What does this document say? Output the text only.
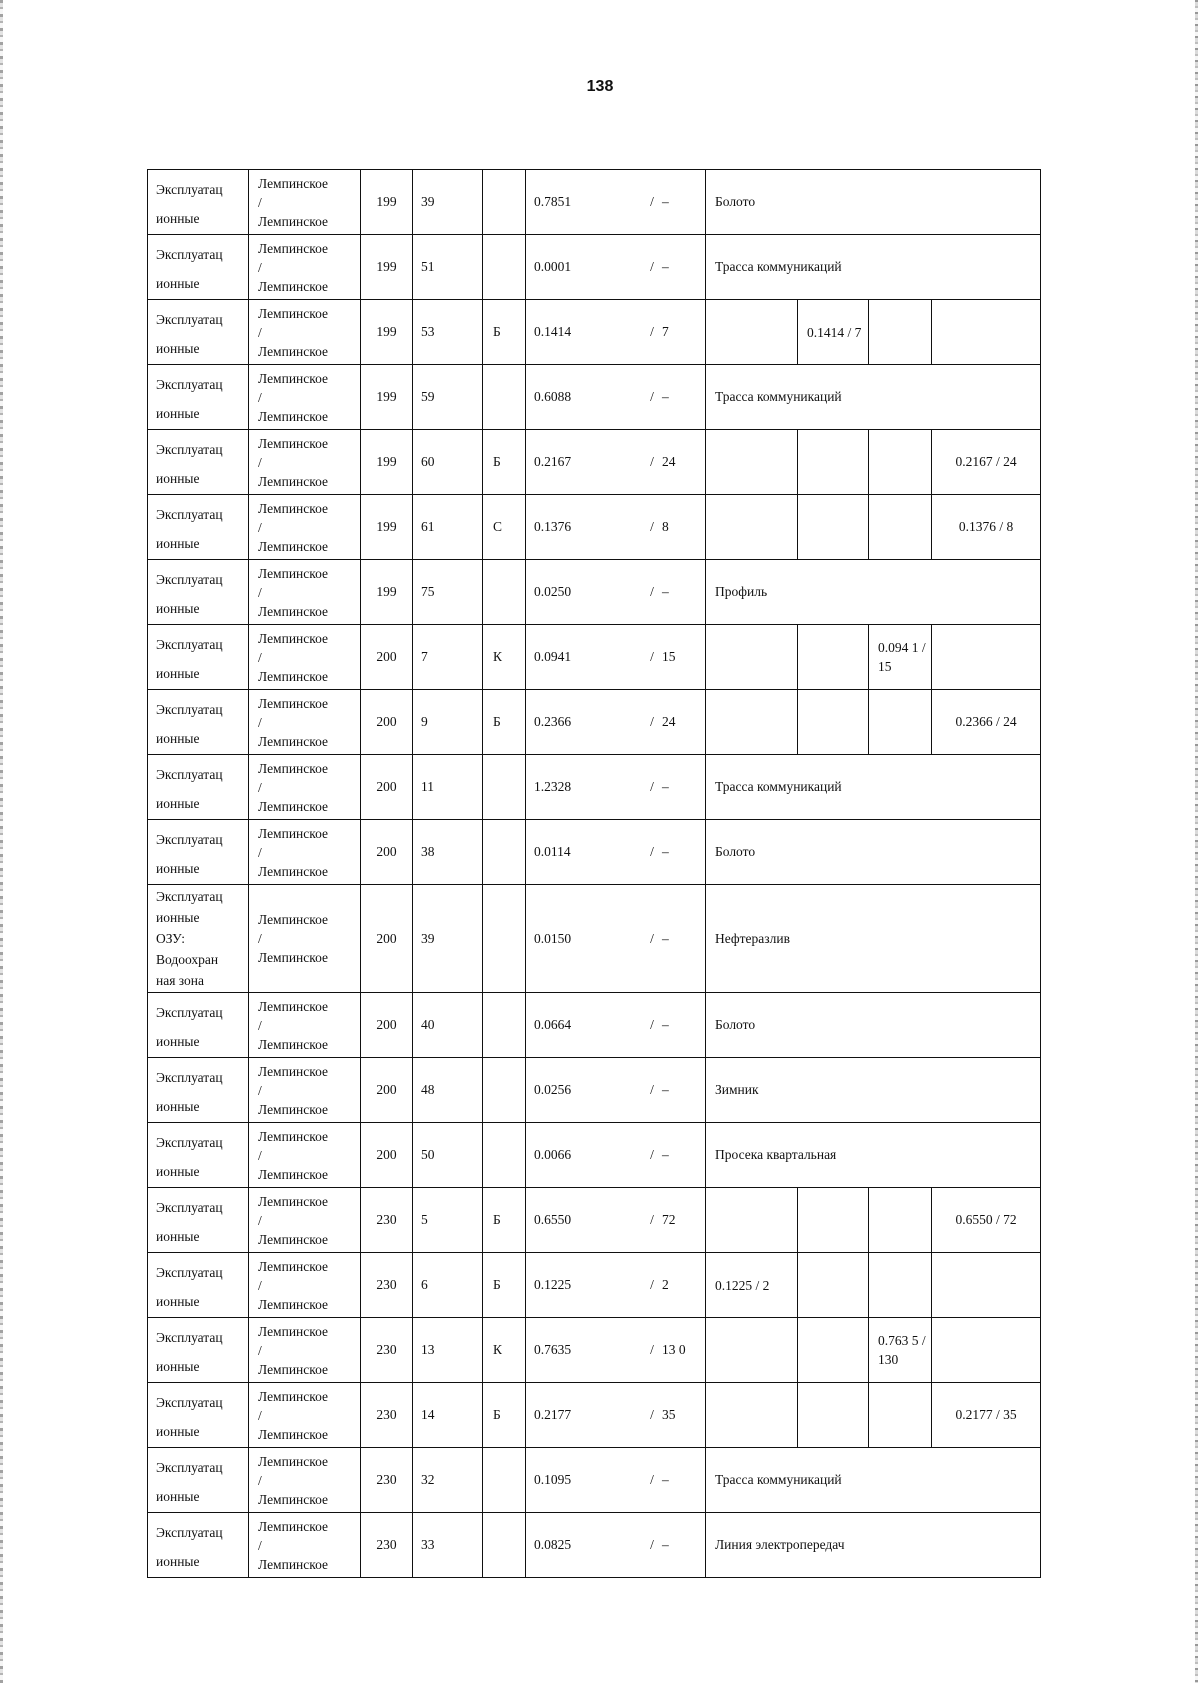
138
Эксплуатац
ионные	Лемпинское
/
Лемпинское	199	39		0.7851 / –	Болото			

Эксплуатац
ионные	Лемпинское
/
Лемпинское	199	51		0.0001 / –	Трасса коммуникаций			

Эксплуатац
ионные	Лемпинское
/
Лемпинское	199	53	Б	0.1414 / 7		0.1414 / 7		

Эксплуатац
ионные	Лемпинское
/
Лемпинское	199	59		0.6088 / –	Трасса коммуникаций			

Эксплуатац
ионные	Лемпинское
/
Лемпинское	199	60	Б	0.2167 / 24				0.2167 / 24

Эксплуатац
ионные	Лемпинское
/
Лемпинское	199	61	С	0.1376 / 8				0.1376 / 8

Эксплуатац
ионные	Лемпинское
/
Лемпинское	199	75		0.0250 / –	Профиль			

Эксплуатац
ионные	Лемпинское
/
Лемпинское	200	7	К	0.0941 / 15			0.094 1 / 15	

Эксплуатац
ионные	Лемпинское
/
Лемпинское	200	9	Б	0.2366 / 24				0.2366 / 24

Эксплуатац
ионные	Лемпинское
/
Лемпинское	200	11		1.2328 / –	Трасса коммуникаций			

Эксплуатац
ионные	Лемпинское
/
Лемпинское	200	38		0.0114 / –	Болото			

Эксплуатац
ионные
ОЗУ:
Водоохран
ная зона	Лемпинское
/
Лемпинское	200	39		0.0150 / –	Нефтеразлив			

Эксплуатац
ионные	Лемпинское
/
Лемпинское	200	40		0.0664 / –	Болото			

Эксплуатац
ионные	Лемпинское
/
Лемпинское	200	48		0.0256 / –	Зимник			

Эксплуатац
ионные	Лемпинское
/
Лемпинское	200	50		0.0066 / –	Просека квартальная			

Эксплуатац
ионные	Лемпинское
/
Лемпинское	230	5	Б	0.6550 / 72				0.6550 / 72

Эксплуатац
ионные	Лемпинское
/
Лемпинское	230	6	Б	0.1225 / 2	0.1225 / 2			

Эксплуатац
ионные	Лемпинское
/
Лемпинское	230	13	К	0.7635 / 13 0			0.763 5 / 130	

Эксплуатац
ионные	Лемпинское
/
Лемпинское	230	14	Б	0.2177 / 35				0.2177 / 35

Эксплуатац
ионные	Лемпинское
/
Лемпинское	230	32		0.1095 / –	Трасса коммуникаций			

Эксплуатац
ионные	Лемпинское
/
Лемпинское	230	33		0.0825 / –	Линия электропередач			
